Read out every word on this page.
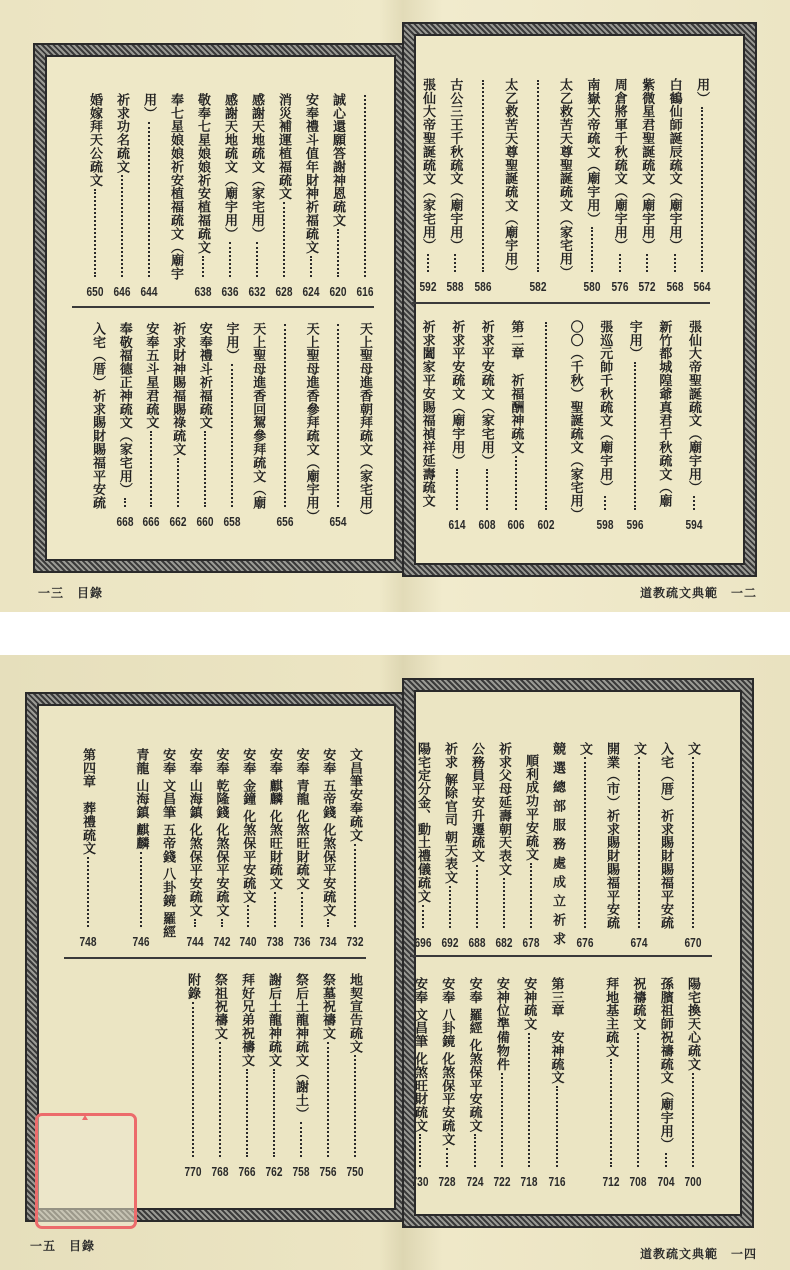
用）
564
白鶴仙師誕辰疏文（廟宇用）
568
紫微星君聖誕疏文（廟宇用）
572
周倉將軍千秋疏文（廟宇用）
576
南嶽大帝疏文（廟宇用）
580
太乙救苦天尊聖誕疏文（家宅用）
582
太乙救苦天尊聖誕疏文（廟宇用）
586
古公三王千秋疏文（廟宇用）
588
張仙大帝聖誕疏文（家宅用）
592
張仙大帝聖誕疏文（廟宇用）
594
新竹都城隍爺真君千秋疏文（廟
宇用）
596
張巡元帥千秋疏文（廟宇用）
598
〇〇（千秋）聖誕疏文（家宅用）
602
第二章　祈福酬神疏文
606
祈求平安疏文（家宅用）
608
祈求平安疏文（廟宇用）
614
祈求闔家平安賜福禎祥延壽疏文
616
誠心還願答謝神恩疏文
620
安奉禮斗值年財神祈福疏文
624
消災補運植福疏文
628
感謝天地疏文（家宅用）
632
感謝天地疏文（廟宇用）
636
敬奉七星娘娘祈安植福疏文
638
奉七星娘娘祈安植福疏文（廟宇
用）
644
祈求功名疏文
646
婚嫁拜天公疏文
650
天上聖母進香朝拜疏文（家宅用）
654
天上聖母進香參拜疏文（廟宇用）
656
天上聖母進香回駕參拜疏文（廟
宇用）
658
安奉禮斗祈福疏文
660
祈求財神賜福賜祿疏文
662
安奉五斗星君疏文
666
奉敬福德正神疏文（家宅用）
668
入宅（厝）祈求賜財賜福平安疏
一三　目錄	道教疏文典範　一二
文
670
入宅（厝）祈求賜財賜福平安疏
文
674
開業（市）祈求賜財賜福平安疏
文
676
競選總部服務處成立祈求
順利成功平安疏文
678
祈求父母延壽朝天表文
682
公務員平安升遷疏文
688
祈求 解除官司 朝天表文
692
陽宅定分金、動土禮儀疏文
696
陽宅換天心疏文
700
孫臏祖師祝禱疏文（廟宇用）
704
祝禱疏文
708
拜地基主疏文
712
第三章　安神疏文
716
安神疏文
718
安神位準備物件
722
安奉 羅經 化煞保平安疏文
724
安奉 八卦鏡 化煞保平安疏文
728
安奉 文昌筆 化煞旺財疏文
730
文昌筆安奉疏文
732
安奉 五帝錢 化煞保平安疏文
734
安奉 青龍 化煞旺財疏文
736
安奉 麒麟 化煞旺財疏文
738
安奉 金鐘 化煞保平安疏文
740
安奉 乾隆錢 化煞保平安疏文
742
安奉 山海鎮 化煞保平安疏文
744
安奉 文昌筆 五帝錢 八卦鏡 羅經
青龍 山海鎮 麒麟
746
第四章　葬禮疏文
748
地契宣告疏文
750
祭墓祝禱文
756
祭后土龍神疏文（謝土）
758
謝后土龍神疏文
762
拜好兄弟祝禱文
766
祭祖祝禱文
768
附錄
770
一五　目錄
道教疏文典範　一四
